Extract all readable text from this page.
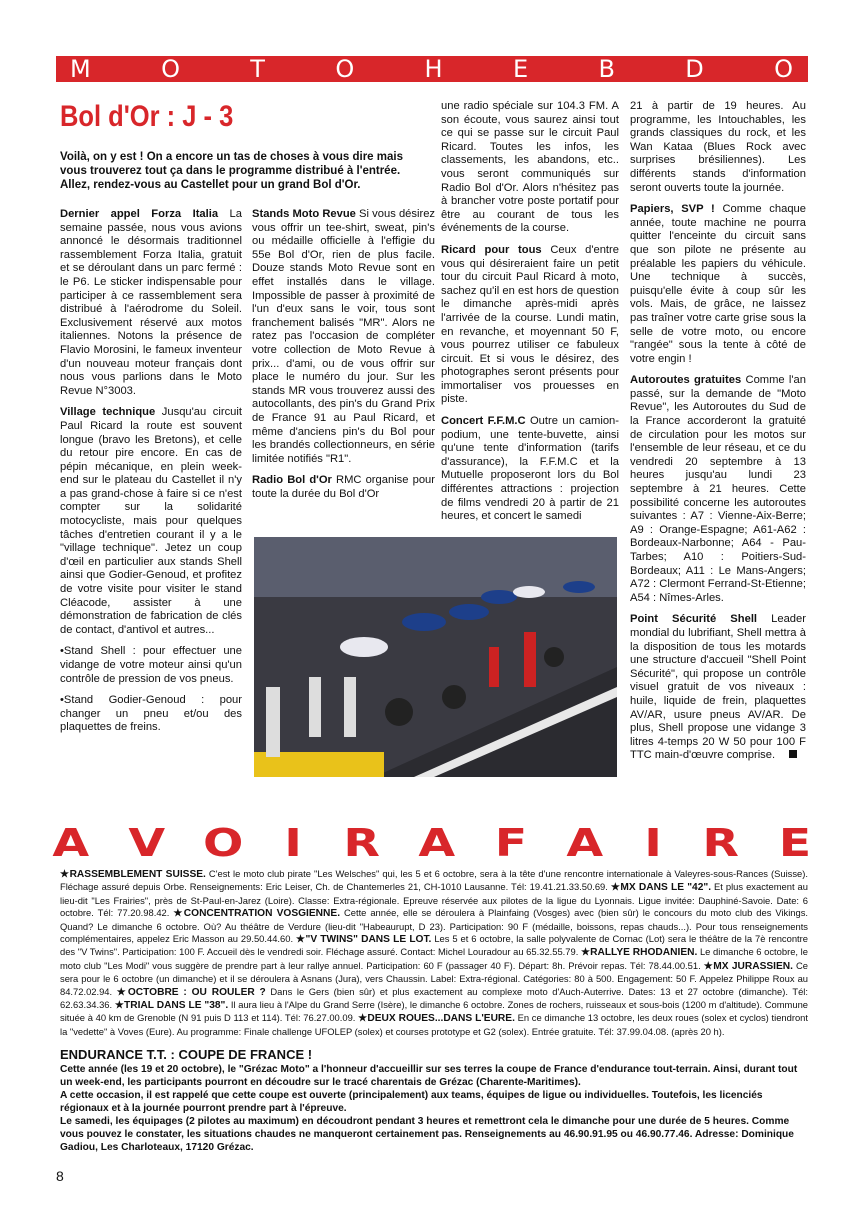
M	O	T	O	H	E	B	D	O
Bol d'Or : J - 3
Voilà, on y est ! On a encore un tas de choses à vous dire mais vous trouverez tout ça dans le programme distribué à l'entrée. Allez, rendez-vous au Castellet pour un grand Bol d'Or.

Dernier appel Forza Italia La semaine passée, nous vous avions annoncé le désormais traditionnel rassemblement Forza Italia, gratuit et se déroulant dans un parc fermé : le P6. Le sticker indispensable pour participer à ce rassemblement sera distribué à l'aérodrome du Soleil. Exclusivement réservé aux motos italiennes. Notons la présence de Flavio Morosini, le fameux inventeur d'un nouveau moteur français dont nous vous parlions dans le Moto Revue N°3003.

Village technique Jusqu'au circuit Paul Ricard la route est souvent longue (bravo les Bretons), et celle du retour pire encore. En cas de pépin mécanique, en plein week-end sur le plateau du Castellet il n'y a pas grand-chose à faire si ce n'est compter sur la solidarité motocycliste, mais pour quelques tâches d'entretien courant il y a le "village technique". Jetez un coup d'œil en particulier aux stands Shell ainsi que Godier-Genoud, et profitez de votre visite pour visiter le stand Cléacode, assister à une démonstration de fabrication de clés de contact, d'antivol et autres...

•Stand Shell : pour effectuer une vidange de votre moteur ainsi qu'un contrôle de pression de vos pneus.

•Stand Godier-Genoud : pour changer un pneu et/ou des plaquettes de freins.

Stands Moto Revue Si vous désirez vous offrir un tee-shirt, sweat, pin's ou médaille officielle à l'effigie du 55e Bol d'Or, rien de plus facile. Douze stands Moto Revue sont en effet installés dans le village. Impossible de passer à proximité de l'un d'eux sans le voir, tous sont franchement balisés "MR". Alors ne ratez pas l'occasion de compléter votre collection de Moto Revue à prix... d'ami, ou de vous offrir sur place le numéro du jour. Sur les stands MR vous trouverez aussi des autocollants, des pin's du Grand Prix de France 91 au Paul Ricard, et même d'anciens pin's du Bol pour les brandés collectionneurs, en série limitée notifiés "R1".

Radio Bol d'Or RMC organise pour toute la durée du Bol d'Or

une radio spéciale sur 104.3 FM. A son écoute, vous saurez ainsi tout ce qui se passe sur le circuit Paul Ricard. Toutes les infos, les classements, les abandons, etc.. vous seront communiqués sur Radio Bol d'Or. Alors n'hésitez pas à brancher votre poste portatif pour être au courant de tous les événements de la course.

Ricard pour tous Ceux d'entre vous qui désireraient faire un petit tour du circuit Paul Ricard à moto, sachez qu'il en est hors de question le dimanche après-midi après l'arrivée de la course. Lundi matin, en revanche, et moyennant 50 F, vous pourrez utiliser ce fabuleux circuit. Et si vous le désirez, des photographes seront présents pour immortaliser vos prouesses en piste.

Concert F.F.M.C Outre un camion-podium, une tente-buvette, ainsi qu'une tente d'information (tarifs d'assurance), la F.F.M.C et la Mutuelle proposeront lors du Bol différentes attractions : projection de films vendredi 20 à partir de 21 heures, et concert le samedi

21 à partir de 19 heures. Au programme, les Intouchables, les grands classiques du rock, et les Wan Kataa (Blues Rock avec surprises brésiliennes). Les différents stands d'information seront ouverts toute la journée.

Papiers, SVP ! Comme chaque année, toute machine ne pourra quitter l'enceinte du circuit sans que son pilote ne présente au préalable les papiers du véhicule. Une technique à succès, puisqu'elle évite à coup sûr les vols. Mais, de grâce, ne laissez pas traîner votre carte grise sous la selle de votre moto, ou encore "rangée" sous la tente à côté de votre engin !

Autoroutes gratuites Comme l'an passé, sur la demande de "Moto Revue", les Autoroutes du Sud de la France accorderont la gratuité de circulation pour les motos sur l'ensemble de leur réseau, et ce du vendredi 20 septembre à 13 heures jusqu'au lundi 23 septembre à 21 heures. Cette possibilité concerne les autoroutes suivantes : A7 : Vienne-Aix-Berre; A9 : Orange-Espagne; A61-A62 : Bordeaux-Narbonne; A64 - Pau-Tarbes; A10 : Poitiers-Sud-Bordeaux; A11 : Le Mans-Angers; A72 : Clermont Ferrand-St-Etienne; A54 : Nîmes-Arles.

Point Sécurité Shell Leader mondial du lubrifiant, Shell mettra à la disposition de tous les motards une structure d'accueil "Shell Point Sécurité", qui propose un contrôle visuel gratuit de vos niveaux : huile, liquide de frein, plaquettes AV/AR, usure pneus AV/AR. De plus, Shell propose une vidange 3 litres 4-temps 20 W 50 pour 100 F TTC main-d'œuvre comprise.

A V O I R A F A I R E
★RASSEMBLEMENT SUISSE. C'est le moto club pirate "Les Welsches" qui, les 5 et 6 octobre, sera à la tête d'une rencontre internationale à Valeyres-sous-Rances (Suisse). Fléchage assuré depuis Orbe. Renseignements: Eric Leiser, Ch. de Chantemerles 21, CH-1010 Lausanne. Tél: 19.41.21.33.50.69. ★MX DANS LE "42". Et plus exactement au lieu-dit "Les Frairies", près de St-Paul-en-Jarez (Loire). Classe: Extra-régionale. Epreuve réservée aux pilotes de la ligue du Lyonnais. Ligue invitée: Dauphiné-Savoie. Date: 6 octobre. Tél: 77.20.98.42. ★CONCENTRATION VOSGIENNE. Cette année, elle se déroulera à Plainfaing (Vosges) avec (bien sûr) le concours du moto club des Vikings. Quand? Le dimanche 6 octobre. Où? Au théâtre de Verdure (lieu-dit "Habeaurupt, D 23). Participation: 90 F (médaille, boissons, repas chauds...). Pour tous renseignements complémentaires, appelez Eric Masson au 29.50.44.60. ★"V TWINS" DANS LE LOT. Les 5 et 6 octobre, la salle polyvalente de Cornac (Lot) sera le théâtre de la 7è rencontre des "V Twins". Participation: 100 F. Accueil dès le vendredi soir. Fléchage assuré. Contact: Michel Louradour au 65.32.55.79. ★RALLYE RHODANIEN. Le dimanche 6 octobre, le moto club "Les Modi" vous suggère de prendre part à leur rallye annuel. Participation: 60 F (passager 40 F). Départ: 8h. Prévoir repas. Tél: 78.44.00.51. ★MX JURASSIEN. Ce sera pour le 6 octobre (un dimanche) et il se déroulera à Asnans (Jura), vers Chaussin. Label: Extra-régional. Catégories: 80 à 500. Engagement: 50 F. Appelez Philippe Roux au 84.72.02.94. ★OCTOBRE : OU ROULER ? Dans le Gers (bien sûr) et plus exactement au complexe moto d'Auch-Auterrive. Dates: 13 et 27 octobre (dimanche). Tél: 62.63.34.36. ★TRIAL DANS LE "38". Il aura lieu à l'Alpe du Grand Serre (Isère), le dimanche 6 octobre. Zones de rochers, ruisseaux et sous-bois (1200 m d'altitude). Commune située à 40 km de Grenoble (N 91 puis D 113 et 114). Tél: 76.27.00.09. ★DEUX ROUES...DANS L'EURE. En ce dimanche 13 octobre, les deux roues (solex et cyclos) tiendront la "vedette" à Voves (Eure). Au programme: Finale challenge UFOLEP (solex) et courses prototype et G2 (solex). Entrée gratuite. Tél: 37.99.04.08. (après 20 h).
ENDURANCE T.T. : COUPE DE FRANCE !

Cette année (les 19 et 20 octobre), le "Grézac Moto" a l'honneur d'accueillir sur ses terres la coupe de France d'endurance tout-terrain. Ainsi, durant tout un week-end, les participants pourront en découdre sur le tracé charentais de Grézac (Charente-Maritimes).

A cette occasion, il est rappelé que cette coupe est ouverte (principalement) aux teams, équipes de ligue ou individuelles. Toutefois, les licenciés régionaux et à la journée pourront prendre part à l'épreuve.

Le samedi, les équipages (2 pilotes au maximum) en découdront pendant 3 heures et remettront cela le dimanche pour une durée de 5 heures. Comme vous pouvez le constater, les situations chaudes ne manqueront certainement pas. Renseignements au 46.90.91.95 ou 46.90.77.46. Adresse: Dominique Gadiou, Les Charloteaux, 17120 Grézac.

8
